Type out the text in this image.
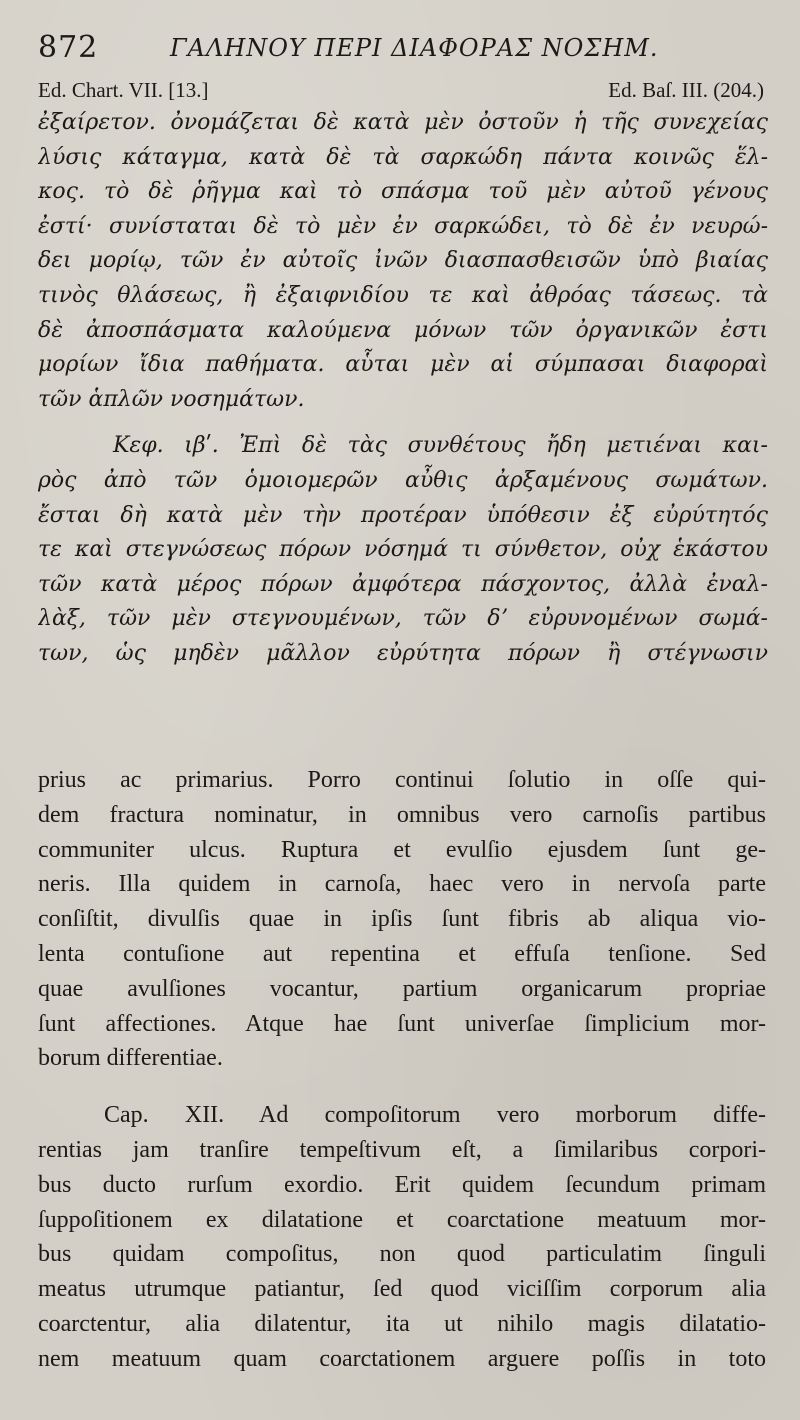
872	ΓΑΛΗΝΟΥ ΠΕΡΙ ΔΙΑΦΟΡΑΣ ΝΟΣΗΜ.
Ed. Chart. VII. [13.]	Ed. Baſ. III. (204.)
ἐξαίρετον. ὀνομάζεται δὲ κατὰ μὲν ὀστοῦν ἡ τῆς συνεχείας
λύσις κάταγμα, κατὰ δὲ τὰ σαρκώδη πάντα κοινῶς ἕλ-
κος. τὸ δὲ ῥῆγμα καὶ τὸ σπάσμα τοῦ μὲν αὐτοῦ γένους
ἐστί· συνίσταται δὲ τὸ μὲν ἐν σαρκώδει, τὸ δὲ ἐν νευρώ-
δει μορίῳ, τῶν ἐν αὐτοῖς ἰνῶν διασπασθεισῶν ὑπὸ βιαίας
τινὸς θλάσεως, ἢ ἐξαιφνιδίου τε καὶ ἀθρόας τάσεως. τὰ
δὲ ἀποσπάσματα καλούμενα μόνων τῶν ὀργανικῶν ἐστι
μορίων ἴδια παθήματα. αὗται μὲν αἱ σύμπασαι διαφοραὶ
τῶν ἁπλῶν νοσημάτων.
Κεφ. ιβʹ. Ἐπὶ δὲ τὰς συνθέτους ἤδη μετιέναι και-
ρὸς ἀπὸ τῶν ὁμοιομερῶν αὖθις ἀρξαμένους σωμάτων.
ἔσται δὴ κατὰ μὲν τὴν προτέραν ὑπόθεσιν ἐξ εὐρύτητός
τε καὶ στεγνώσεως πόρων νόσημά τι σύνθετον, οὐχ ἑκάστου
τῶν κατὰ μέρος πόρων ἀμφότερα πάσχοντος, ἀλλὰ ἐναλ-
λὰξ, τῶν μὲν στεγνουμένων, τῶν δʼ εὐρυνομένων σωμά-
των, ὡς μηδὲν μᾶλλον εὐρύτητα πόρων ἢ στέγνωσιν
prius ac primarius. Porro continui ſolutio in oſſe qui-
dem fractura nominatur, in omnibus vero carnoſis partibus
communiter ulcus. Ruptura et evulſio ejusdem ſunt ge-
neris. Illa quidem in carnoſa, haec vero in nervoſa parte
conſiſtit, divulſis quae in ipſis ſunt fibris ab aliqua vio-
lenta contuſione aut repentina et effuſa tenſione. Sed
quae avulſiones vocantur, partium organicarum propriae
ſunt affectiones. Atque hae ſunt univerſae ſimplicium mor-
borum differentiae.
Cap. XII. Ad compoſitorum vero morborum diffe-
rentias jam tranſire tempeſtivum eſt, a ſimilaribus corpori-
bus ducto rurſum exordio. Erit quidem ſecundum primam
ſuppoſitionem ex dilatatione et coarctatione meatuum mor-
bus quidam compoſitus, non quod particulatim ſinguli
meatus utrumque patiantur, ſed quod viciſſim corporum alia
coarctentur, alia dilatentur, ita ut nihilo magis dilatatio-
nem meatuum quam coarctationem arguere poſſis in toto
